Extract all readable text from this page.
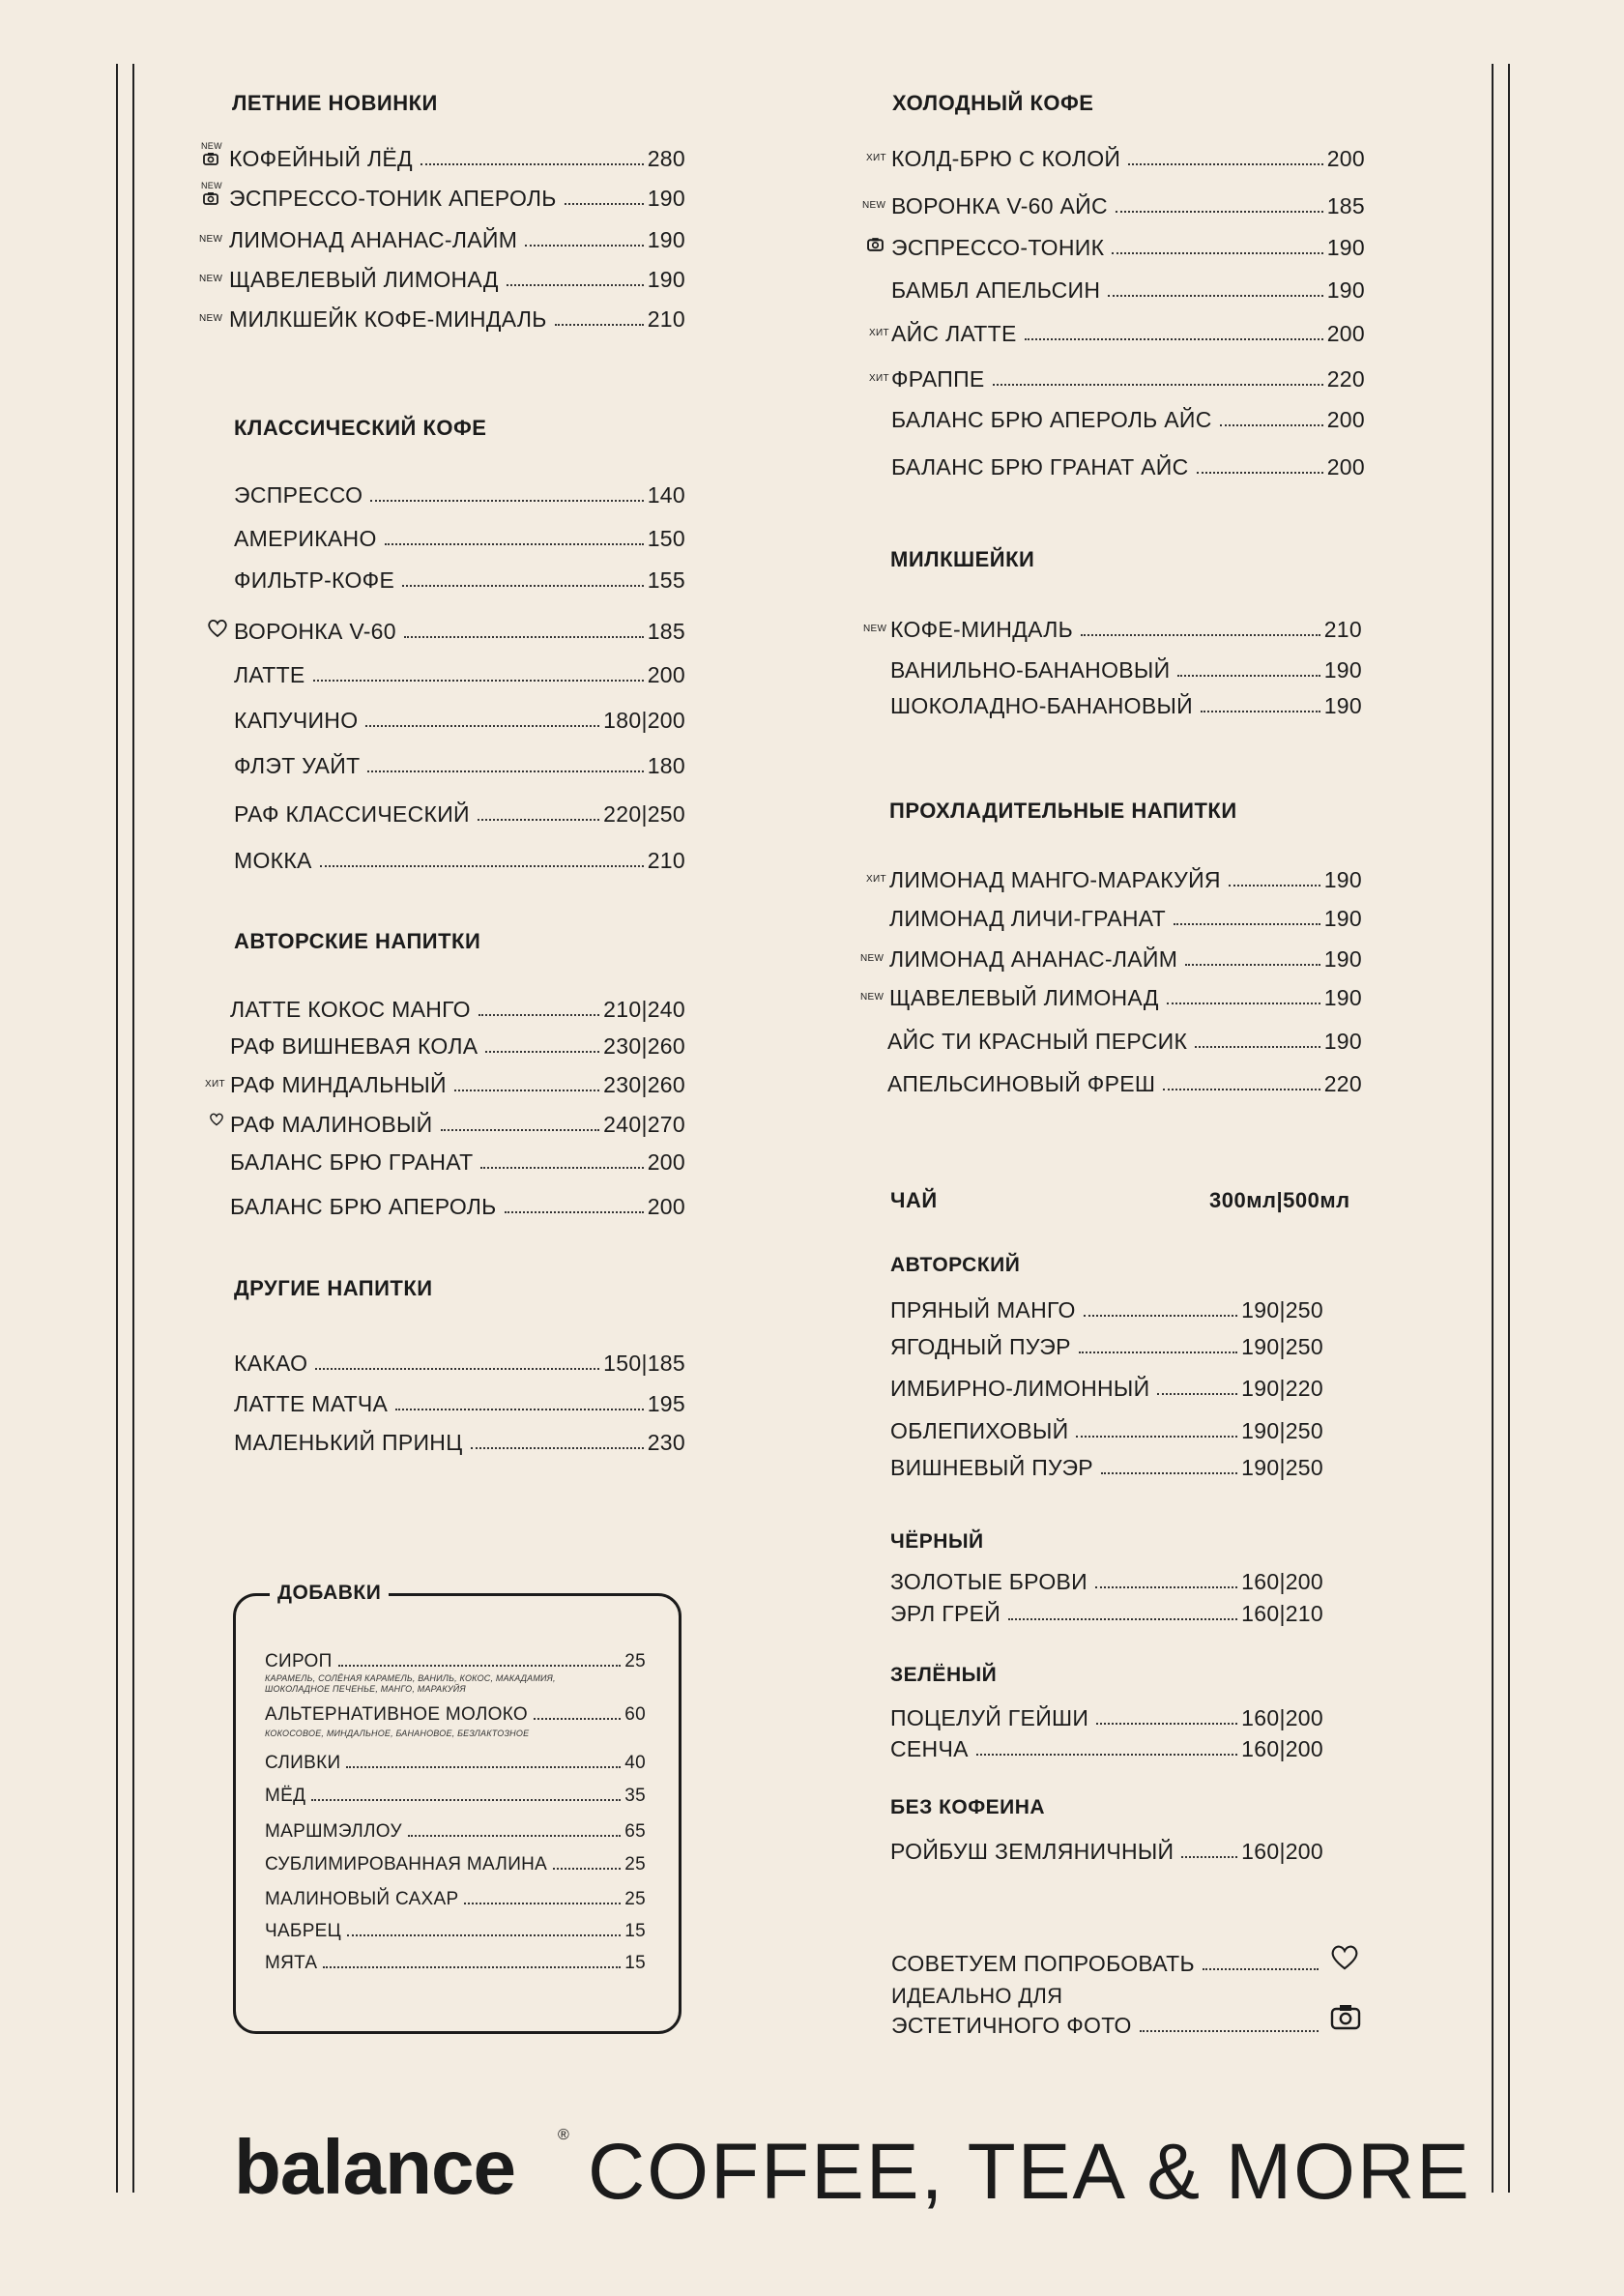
ЛЕТНИЕ НОВИНКИ
КОФЕЙНЫЙ ЛЁД	280
ЭСПРЕССО-ТОНИК АПЕРОЛЬ	190
ЛИМОНАД АНАНАС-ЛАЙМ	190
ЩАВЕЛЕВЫЙ ЛИМОНАД	190
МИЛКШЕЙК КОФЕ-МИНДАЛЬ	210
NEW
NEW
NEW
NEW
NEW
КЛАССИЧЕСКИЙ КОФЕ
ЭСПРЕССО	140
АМЕРИКАНО	150
ФИЛЬТР-КОФЕ	155
ВОРОНКА V-60	185
ЛАТТЕ	200
КАПУЧИНО	180|200
ФЛЭТ УАЙТ	180
РАФ КЛАССИЧЕСКИЙ	220|250
МОККА	210
АВТОРСКИЕ НАПИТКИ
ЛАТТЕ КОКОС МАНГО	210|240
РАФ ВИШНЕВАЯ КОЛА	230|260
РАФ МИНДАЛЬНЫЙ	230|260
РАФ МАЛИНОВЫЙ	240|270
БАЛАНС БРЮ ГРАНАТ	200
БАЛАНС БРЮ АПЕРОЛЬ	200
ХИТ
ДРУГИЕ НАПИТКИ
КАКАО	150|185
ЛАТТЕ МАТЧА	195
МАЛЕНЬКИЙ ПРИНЦ	230
ДОБАВКИ
СИРОП	25
КАРАМЕЛЬ, СОЛЁНАЯ КАРАМЕЛЬ, ВАНИЛЬ, КОКОС, МАКАДАМИЯ,
ШОКОЛАДНОЕ ПЕЧЕНЬЕ, МАНГО, МАРАКУЙЯ
АЛЬТЕРНАТИВНОЕ МОЛОКО	60
КОКОСОВОЕ, МИНДАЛЬНОЕ, БАНАНОВОЕ, БЕЗЛАКТОЗНОЕ
СЛИВКИ	40
МЁД	35
МАРШМЭЛЛОУ	65
СУБЛИМИРОВАННАЯ МАЛИНА	25
МАЛИНОВЫЙ САХАР	25
ЧАБРЕЦ	15
МЯТА	15
ХОЛОДНЫЙ КОФЕ
КОЛД-БРЮ С КОЛОЙ	200
ВОРОНКА V-60 АЙС	185
ЭСПРЕССО-ТОНИК	190
БАМБЛ АПЕЛЬСИН	190
АЙС ЛАТТЕ	200
ФРАППЕ	220
БАЛАНС БРЮ АПЕРОЛЬ АЙС	200
БАЛАНС БРЮ ГРАНАТ АЙС	200
ХИТ
NEW
ХИТ
ХИТ
МИЛКШЕЙКИ
КОФЕ-МИНДАЛЬ	210
ВАНИЛЬНО-БАНАНОВЫЙ	190
ШОКОЛАДНО-БАНАНОВЫЙ	190
NEW
ПРОХЛАДИТЕЛЬНЫЕ НАПИТКИ
ЛИМОНАД МАНГО-МАРАКУЙЯ	190
ЛИМОНАД ЛИЧИ-ГРАНАТ	190
ЛИМОНАД АНАНАС-ЛАЙМ	190
ЩАВЕЛЕВЫЙ ЛИМОНАД	190
АЙС ТИ КРАСНЫЙ ПЕРСИК	190
АПЕЛЬСИНОВЫЙ ФРЕШ	220
ХИТ
NEW
NEW
ЧАЙ	300мл|500мл
АВТОРСКИЙ
ПРЯНЫЙ МАНГО	190|250
ЯГОДНЫЙ ПУЭР	190|250
ИМБИРНО-ЛИМОННЫЙ	190|220
ОБЛЕПИХОВЫЙ	190|250
ВИШНЕВЫЙ ПУЭР	190|250
ЧЁРНЫЙ
ЗОЛОТЫЕ БРОВИ	160|200
ЭРЛ ГРЕЙ	160|210
ЗЕЛЁНЫЙ
ПОЦЕЛУЙ ГЕЙШИ	160|200
СЕНЧА	160|200
БЕЗ КОФЕИНА
РОЙБУШ ЗЕМЛЯНИЧНЫЙ	160|200
СОВЕТУЕМ ПОПРОБОВАТЬ
ИДЕАЛЬНО ДЛЯ
ЭСТЕТИЧНОГО ФОТО
balance	® COFFEE, TEA & MORE
